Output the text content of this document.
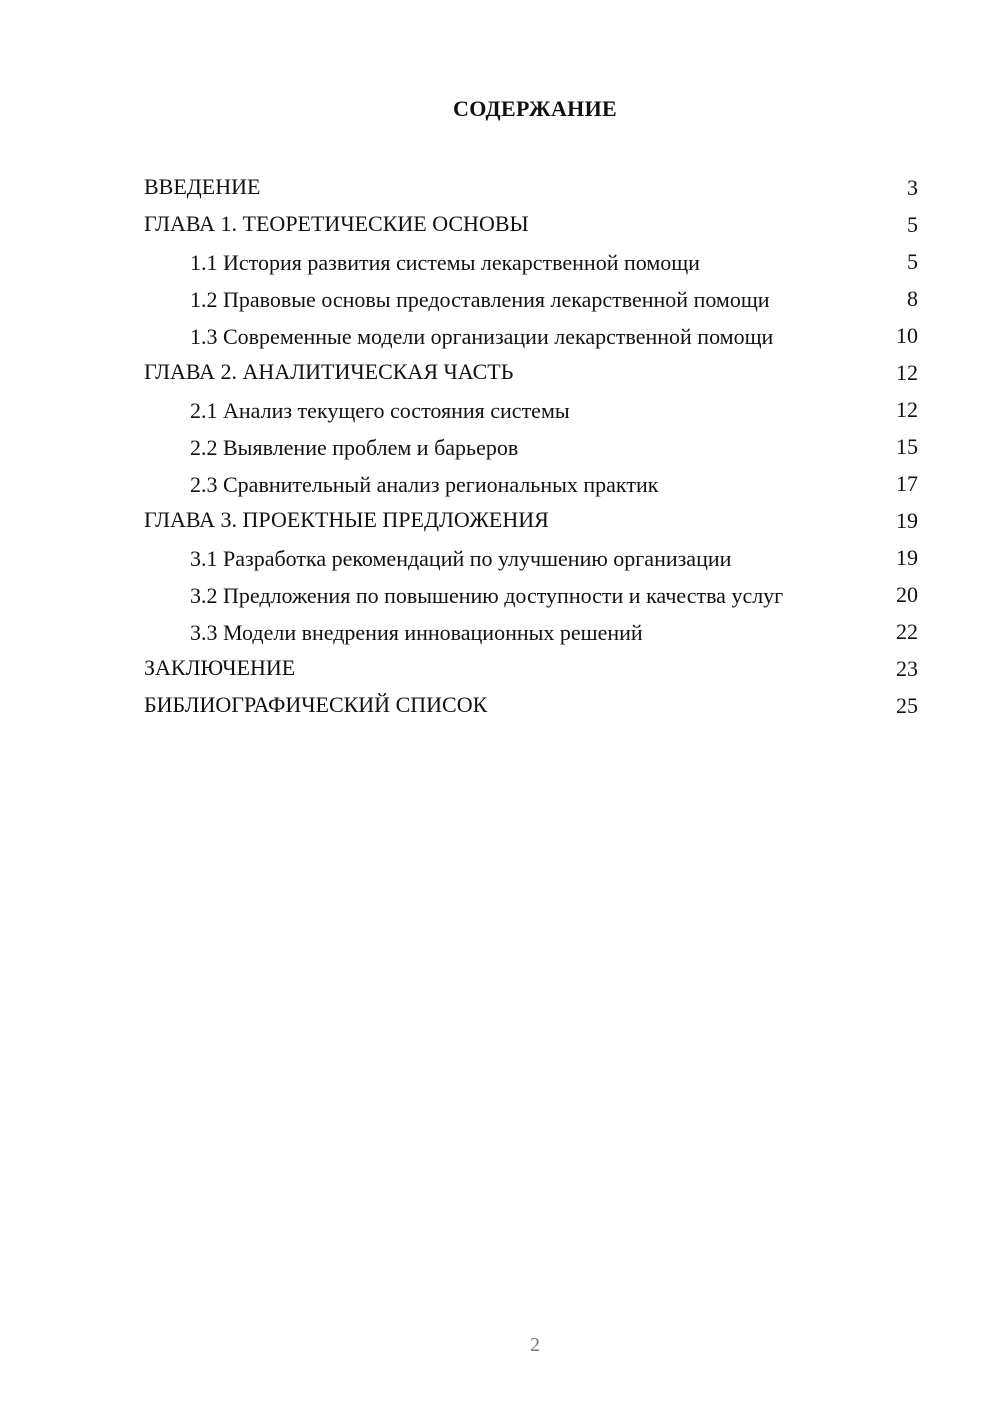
СОДЕРЖАНИЕ
ВВЕДЕНИЕ	3
ГЛАВА 1. ТЕОРЕТИЧЕСКИЕ ОСНОВЫ	5
1.1 История развития системы лекарственной помощи	5
1.2 Правовые основы предоставления лекарственной помощи	8
1.3 Современные модели организации лекарственной помощи	10
ГЛАВА 2. АНАЛИТИЧЕСКАЯ ЧАСТЬ	12
2.1 Анализ текущего состояния системы	12
2.2 Выявление проблем и барьеров	15
2.3 Сравнительный анализ региональных практик	17
ГЛАВА 3. ПРОЕКТНЫЕ ПРЕДЛОЖЕНИЯ	19
3.1 Разработка рекомендаций по улучшению организации	19
3.2 Предложения по повышению доступности и качества услуг	20
3.3 Модели внедрения инновационных решений	22
ЗАКЛЮЧЕНИЕ	23
БИБЛИОГРАФИЧЕСКИЙ СПИСОК	25
2
